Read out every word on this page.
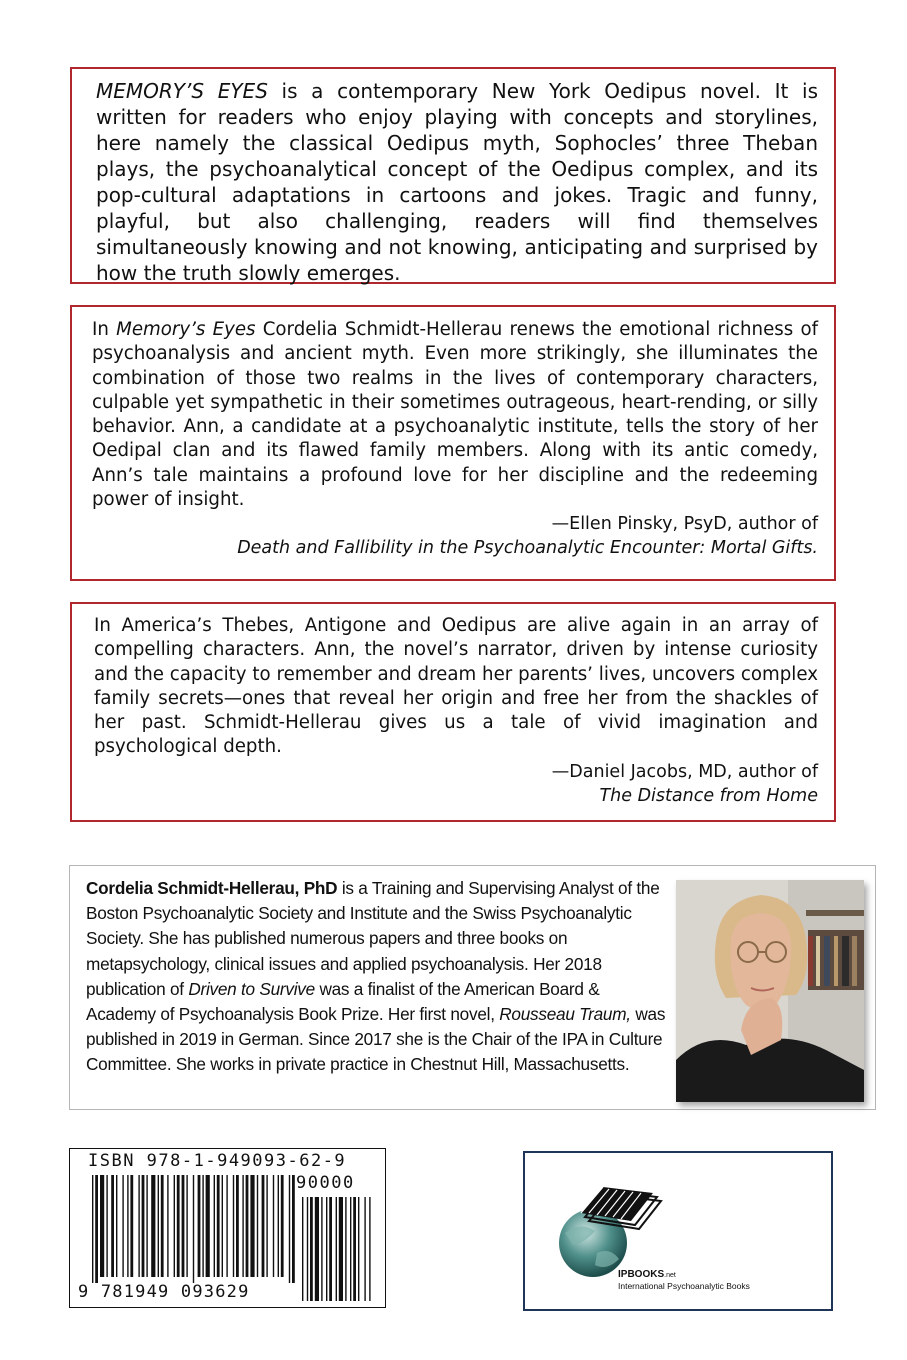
MEMORY’S EYES is a contemporary New York Oedipus novel. It is written for readers who enjoy playing with concepts and storylines, here namely the classical Oedipus myth, Sophocles’ three Theban plays, the psychoanalytical concept of the Oedipus complex, and its pop-cultural adaptations in cartoons and jokes. Tragic and funny, playful, but also challenging, readers will find themselves simultaneously knowing and not knowing, anticipating and surprised by how the truth slowly emerges.

In Memory’s Eyes Cordelia Schmidt-Hellerau renews the emotional richness of psychoanalysis and ancient myth. Even more strikingly, she illuminates the combination of those two realms in the lives of contemporary characters, culpable yet sympathetic in their sometimes outrageous, heart-rending, or silly behavior. Ann, a candidate at a psychoanalytic institute, tells the story of her Oedipal clan and its flawed family members. Along with its antic comedy, Ann’s tale maintains a profound love for her discipline and the redeeming power of insight.

—Ellen Pinsky, PsyD, author of
Death and Fallibility in the Psychoanalytic Encounter: Mortal Gifts.

In America’s Thebes, Antigone and Oedipus are alive again in an array of compelling characters. Ann, the novel’s narrator, driven by intense curiosity and the capacity to remember and dream her parents’ lives, uncovers complex family secrets—ones that reveal her origin and free her from the shackles of her past. Schmidt-Hellerau gives us a tale of vivid imagination and psychological depth.

—Daniel Jacobs, MD, author of
The Distance from Home
Cordelia Schmidt-Hellerau, PhD is a Training and Supervising Analyst of the Boston Psychoanalytic Society and Institute and the Swiss Psychoanalytic Society. She has published numerous papers and three books on metapsychology, clinical issues and applied psychoanalysis. Her 2018 publication of Driven to Survive was a finalist of the American Board & Academy of Psychoanalysis Book Prize. Her first novel, Rousseau Traum, was published in 2019 in German. Since 2017 she is the Chair of the IPA in Culture Committee. She works in private practice in Chestnut Hill, Massachusetts.
ISBN 978-1-949093-62-9
90000
9 781949 093629
IPBOOKS.net
International Psychoanalytic Books
